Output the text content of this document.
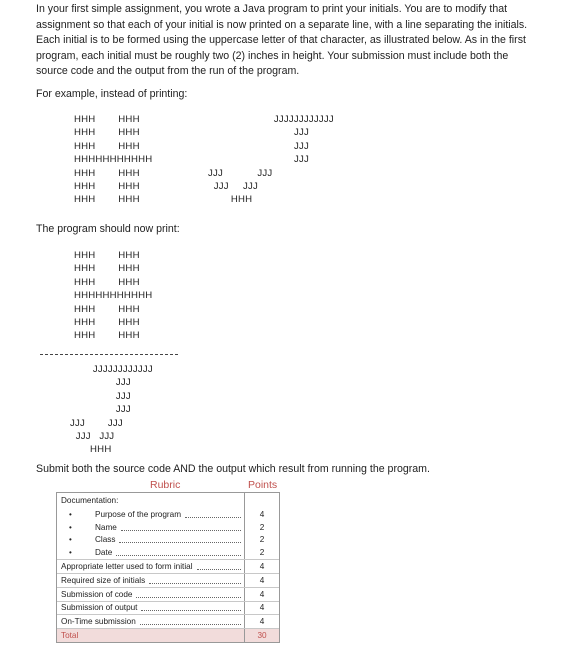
In your first simple assignment, you wrote a Java program to print your initials. You are to modify that assignment so that each of your initial is now printed on a separate line, with a line separating the initials. Each initial is to be formed using the uppercase letter of that character, as illustrated below. As in the first program, each initial must be roughly two (2) inches in height. Your submission must include both the source code and the output from the run of the program.
For example, instead of printing:
HHH        HHH
HHH        HHH
HHH        HHH
HHHHHHHHHHH
HHH        HHH
HHH        HHH
HHH        HHH
JJJJJJJJJJJJ
JJJ
JJJ
JJJ
JJJ            JJJ
JJJ     JJJ
HHH
The program should now print:
HHH        HHH
HHH        HHH
HHH        HHH
HHHHHHHHHHH
HHH        HHH
HHH        HHH
HHH        HHH
JJJJJJJJJJJJ
JJJ
JJJ
JJJ
JJJ        JJJ
JJJ   JJJ
HHH
Submit both the source code AND the output which result from running the program.
Rubric	Points
Documentation:
•	Purpose of the program	4
•	Name	2
•	Class	2
•	Date	2
Appropriate letter used to form initial	4
Required size of initials	4
Submission of code	4
Submission of output	4
On-Time submission	4
Total	30
